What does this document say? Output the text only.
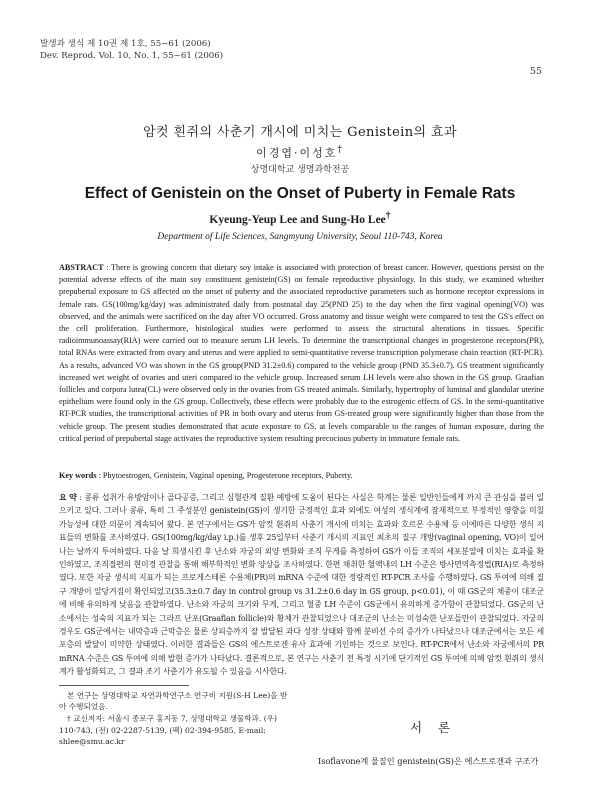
발생과 생식 제 10권 제 1호, 55~61 (2006)
Dev. Reprod. Vol. 10, No. 1, 55~61 (2006)
55
암컷 흰쥐의 사춘기 개시에 미치는 Genistein의 효과
이경엽·이성호†
상명대학교 생명과학전공
Effect of Genistein on the Onset of Puberty in Female Rats
Kyeung-Yeup Lee and Sung-Ho Lee†
Department of Life Sciences, Sangmyung University, Seoul 110-743, Korea
ABSTRACT : There is growing concern that dietary soy intake is associated with protection of breast cancer. However, questions persist on the potential adverse effects of the main soy constituent genistein(GS) on female reproductive physiology. In this study, we examined whether prepubertal exposure to GS affected on the onset of puberty and the associated reproductive parameters such as hormone receptor expressions in female rats. GS(100mg/kg/day) was administrated daily from postnatal day 25(PND 25) to the day when the first vaginal opening(VO) was observed, and the animals were sacrificed on the day after VO occurred. Gross anatomy and tissue weight were compared to test the GS's effect on the cell proliferation. Furthermore, histological studies were performed to assess the structural alterations in tissues. Specific radioimmunoassay(RIA) were carried out to measure serum LH levels. To determine the transcriptional changes in progesterone receptors(PR), total RNAs were extracted from ovary and uterus and were applied to semi-quantitative reverse transcription polymerase chain reaction (RT-PCR). As a results, advanced VO was shown in the GS group(PND 31.2±0.6) compared to the vehicle group (PND 35.3±0.7). GS treatment significantly increased wet weight of ovaries and uteri compared to the vehicle group. Increased serum LH levels were also shown in the GS group. Graafian follicles and corpora lutea(CL) were observed only in the ovaries from GS treated animals. Similarly, hypertrophy of luminal and glandular uterine epithelium were found only in the GS group. Collectively, these effects were probably due to the estrogenic effects of GS. In the semi-quantitative RT-PCR studies, the transcriptional activities of PR in both ovary and uterus from GS-treated group were significantly higher than those from the vehicle group. The present studies demonstrated that acute exposure to GS, at levels comparable to the ranges of human exposure, during the critical period of prepubertal stage activates the reproductive system resulting precocious puberty in immature female rats.
Key words : Phytoestrogen, Genistein, Vaginal opening, Progesterone receptors, Puberty.
요 약 : 콩류 섭취가 유방암이나 골다공증, 그리고 심혈관계 질환 예방에 도움이 된다는 사실은 학계는 물론 일반인들에게 까지 큰 관심을 불러 일으키고 있다. 그러나 콩류, 특히 그 주성분인 genistein(GS)이 생기한 긍정적인 효과 외에도 여성의 생식계에 잠재적으로 부정적인 영향을 미칠 가능성에 대한 의문이 계속되어 왔다. 본 연구에서는 GS가 암컷 흰쥐의 사춘기 개시에 미치는 효과와 호르몬 수용체 등 이에따른 다양한 생식 지표들의 변화를 조사하였다. GS(100mg/kg/day i.p.)를 생후 25일부터 사춘기 개시의 지표인 최초의 질구 개방(vaginal opening, VO)이 일어나는 날까지 투여하였다. 다음 날 희생시킨 후 난소와 자궁의 외양 변화와 조직 무게를 측정하여 GS가 이들 조직의 세포분열에 미치는 효과를 확인하였고, 조직절편의 현미경 관찰을 통해 해부학적인 변화 양상을 조사하였다. 한편 채취한 혈액내의 LH 수준은 방사면역측정법(RIA)로 측정하였다. 또한 자궁 생식의 지표가 되는 프로게스테론 수용체(PR)의 mRNA 수준에 대한 정량적인 RT-PCR 조사를 수행하였다. GS 투여에 의해 질구 개방이 앞당겨짐이 확인되었고(35.3±0.7 day in control group vs 31.2±0.6 day in GS group, p<0.01), 이 때 GS군의 체중이 대조군에 비해 유의하게 낮음을 관찰하였다. 난소와 자궁의 크기와 무게, 그리고 혈중 LH 수준이 GS군에서 유의하게 증가함이 관찰되었다. GS군의 난소에서는 성숙의 지표가 되는 그라프 난포(Graafian follicle)와 황체가 관찰되었으나 대조군의 난소는 미성숙한 난포들만이 관찰되었다. 자궁의 경우도 GS군에서는 내막층과 근막층은 물론 상피층까지 잘 발달된 과다 성장 상태와 함께 분비선 수의 증가가 나타났으나 대조군에서는 모든 세포층의 발달이 미약한 상태였다. 이러한 결과들은 GS의 에스트로겐 유사 효과에 기인하는 것으로 보인다. RT-PCR에서 난소와 자궁에서의 PR mRNA 수준은 GS 투여에 의해 발현 증가가 나타났다. 결론적으로, 본 연구는 사춘기 전 특정 시기에 단기적인 GS 투여에 의해 암컷 흰쥐의 생식계가 활성화되고, 그 결과 조기 사춘기가 유도될 수 있음을 시사한다.

본 연구는 상명대학교 자연과학연구소 연구비 지원(S-H Lee)을 받아 수행되었음.

† 교신저자: 서울시 종로구 홍지동 7, 상명대학교 생물학과. (우) 110-743, (전) 02-2287-5139, (팩) 02-394-9585, E-mail: shlee@smu.ac.kr

서 론
Isoflavone계 물질인 genistein(GS)은 에스트로겐과 구조가
